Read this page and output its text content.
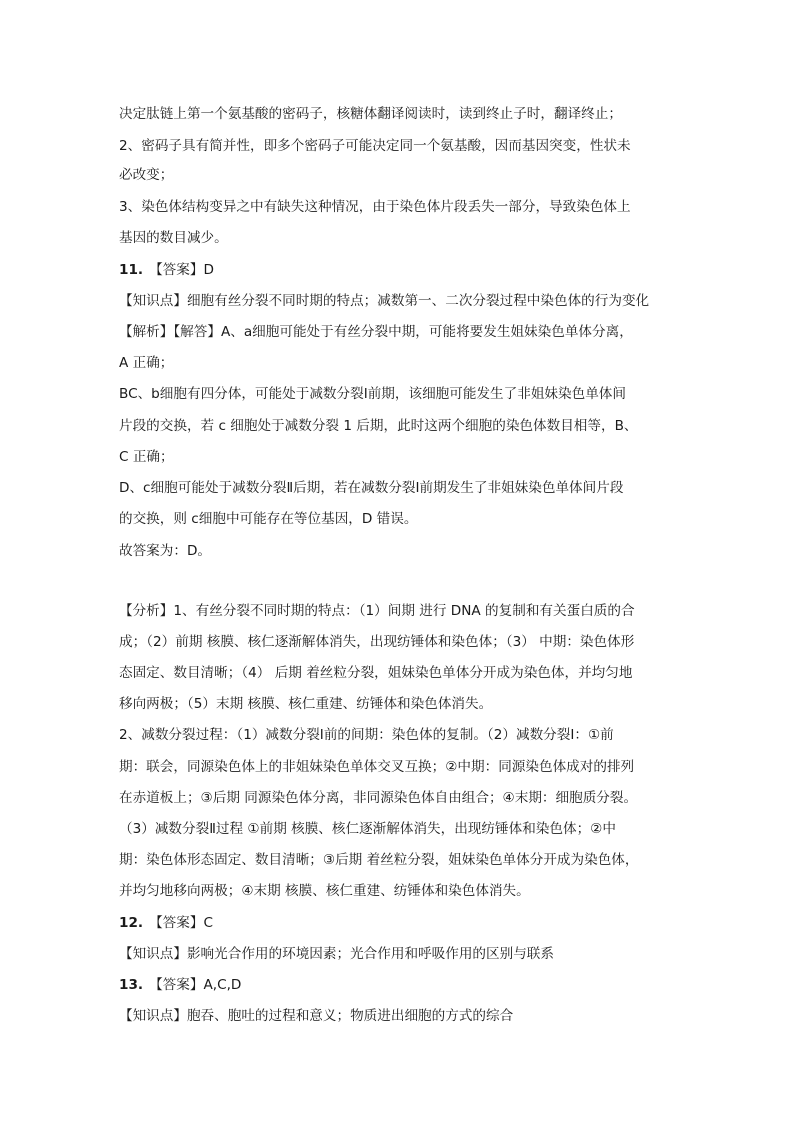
决定肽链上第一个氨基酸的密码子，核糖体翻译阅读时，读到终止子时，翻译终止；
2、密码子具有简并性，即多个密码子可能决定同一个氨基酸，因而基因突变，性状未
必改变；
3、染色体结构变异之中有缺失这种情况，由于染色体片段丢失一部分，导致染色体上
基因的数目减少。
11. 【答案】D
【知识点】细胞有丝分裂不同时期的特点；减数第一、二次分裂过程中染色体的行为变化
【解析】【解答】A、a细胞可能处于有丝分裂中期，可能将要发生姐妹染色单体分离，
A 正确；
BC、b细胞有四分体，可能处于减数分裂Ⅰ前期，该细胞可能发生了非姐妹染色单体间
片段的交换，若 c 细胞处于减数分裂 1 后期，此时这两个细胞的染色体数目相等，B、
C 正确；
D、c细胞可能处于减数分裂Ⅱ后期，若在减数分裂Ⅰ前期发生了非姐妹染色单体间片段
的交换，则 c细胞中可能存在等位基因，D 错误。
故答案为：D。
【分析】1、有丝分裂不同时期的特点：（1）间期 进行 DNA 的复制和有关蛋白质的合
成；（2）前期 核膜、核仁逐渐解体消失，出现纺锤体和染色体；（3） 中期：染色体形
态固定、数目清晰；（4） 后期 着丝粒分裂，姐妹染色单体分开成为染色体，并均匀地
移向两极；（5）末期 核膜、核仁重建、纺锤体和染色体消失。
2、减数分裂过程：（1）减数分裂Ⅰ前的间期：染色体的复制。（2）减数分裂Ⅰ：①前
期：联会，同源染色体上的非姐妹染色单体交叉互换；②中期：同源染色体成对的排列
在赤道板上；③后期 同源染色体分离，非同源染色体自由组合；④末期：细胞质分裂。
（3）减数分裂Ⅱ过程 ①前期 核膜、核仁逐渐解体消失，出现纺锤体和染色体；②中
期：染色体形态固定、数目清晰；③后期 着丝粒分裂，姐妹染色单体分开成为染色体，
并均匀地移向两极；④末期 核膜、核仁重建、纺锤体和染色体消失。
12. 【答案】C
【知识点】影响光合作用的环境因素；光合作用和呼吸作用的区别与联系
13. 【答案】A,C,D
【知识点】胞吞、胞吐的过程和意义；物质进出细胞的方式的综合
